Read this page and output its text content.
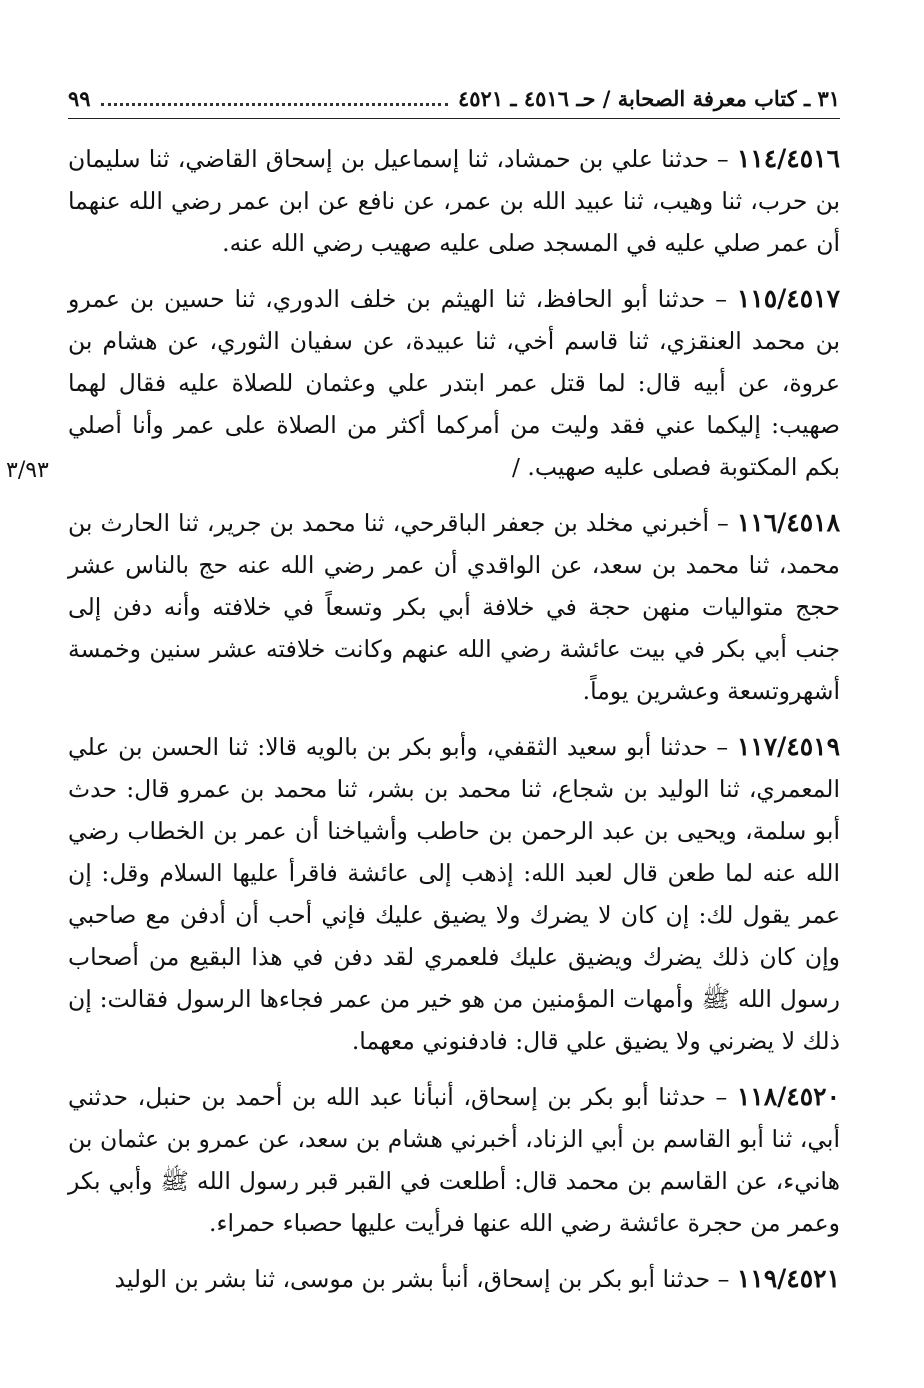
٣١ ـ كتاب معرفة الصحابة / حـ ٤٥١٦ ـ ٤٥٢١
٩٩
٣/٩٣

١١٤/٤٥١٦ – حدثنا علي بن حمشاد، ثنا إسماعيل بن إسحاق القاضي، ثنا سليمان بن حرب، ثنا وهيب، ثنا عبيد الله بن عمر، عن نافع عن ابن عمر رضي الله عنهما أن عمر صلي عليه في المسجد صلى عليه صهيب رضي الله عنه.

١١٥/٤٥١٧ – حدثنا أبو الحافظ، ثنا الهيثم بن خلف الدوري، ثنا حسين بن عمرو بن محمد العنقزي، ثنا قاسم أخي، ثنا عبيدة، عن سفيان الثوري، عن هشام بن عروة، عن أبيه قال: لما قتل عمر ابتدر علي وعثمان للصلاة عليه فقال لهما صهيب: إليكما عني فقد وليت من أمركما أكثر من الصلاة على عمر وأنا أصلي بكم المكتوبة فصلى عليه صهيب. /

١١٦/٤٥١٨ – أخبرني مخلد بن جعفر الباقرحي، ثنا محمد بن جرير، ثنا الحارث بن محمد، ثنا محمد بن سعد، عن الواقدي أن عمر رضي الله عنه حج بالناس عشر حجج متواليات منهن حجة في خلافة أبي بكر وتسعاً في خلافته وأنه دفن إلى جنب أبي بكر في بيت عائشة رضي الله عنهم وكانت خلافته عشر سنين وخمسة أشهروتسعة وعشرين يوماً.

١١٧/٤٥١٩ – حدثنا أبو سعيد الثقفي، وأبو بكر بن بالويه قالا: ثنا الحسن بن علي المعمري، ثنا الوليد بن شجاع، ثنا محمد بن بشر، ثنا محمد بن عمرو قال: حدث أبو سلمة، ويحيى بن عبد الرحمن بن حاطب وأشياخنا أن عمر بن الخطاب رضي الله عنه لما طعن قال لعبد الله: إذهب إلى عائشة فاقرأ عليها السلام وقل: إن عمر يقول لك: إن كان لا يضرك ولا يضيق عليك فإني أحب أن أدفن مع صاحبي وإن كان ذلك يضرك ويضيق عليك فلعمري لقد دفن في هذا البقيع من أصحاب رسول الله ﷺ وأمهات المؤمنين من هو خير من عمر فجاءها الرسول فقالت: إن ذلك لا يضرني ولا يضيق علي قال: فادفنوني معهما.

١١٨/٤٥٢٠ – حدثنا أبو بكر بن إسحاق، أنبأنا عبد الله بن أحمد بن حنبل، حدثني أبي، ثنا أبو القاسم بن أبي الزناد، أخبرني هشام بن سعد، عن عمرو بن عثمان بن هانيء، عن القاسم بن محمد قال: أطلعت في القبر قبر رسول الله ﷺ وأبي بكر وعمر من حجرة عائشة رضي الله عنها فرأيت عليها حصباء حمراء.

١١٩/٤٥٢١ – حدثنا أبو بكر بن إسحاق، أنبأ بشر بن موسى، ثنا بشر بن الوليد
